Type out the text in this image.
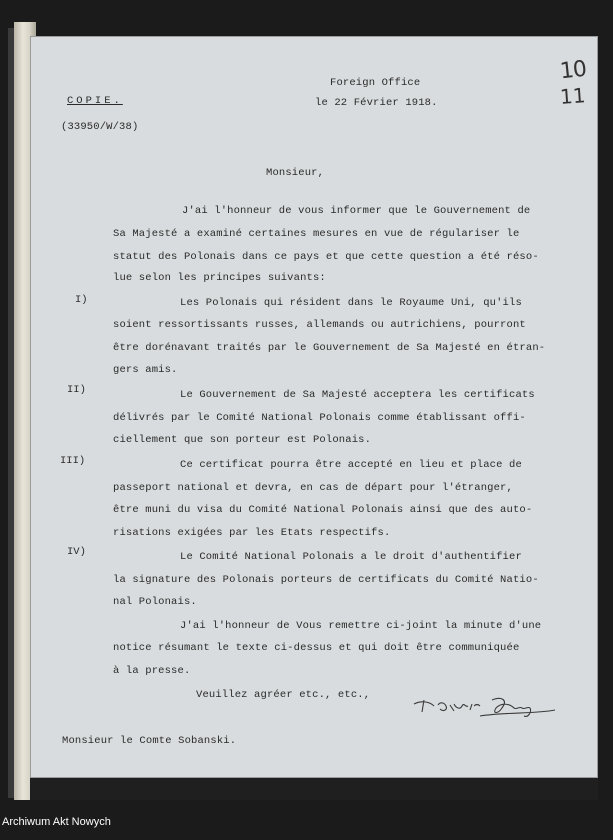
10
11
Foreign Office
le 22 Février 1918.
COPIE.
(33950/W/38)
Monsieur,
J'ai l'honneur de vous informer que le Gouvernement de
Sa Majesté a examiné certaines mesures en vue de régulariser le
statut des Polonais dans ce pays et que cette question a été réso-
lue selon les principes suivants:
I)	Les Polonais qui résident dans le Royaume Uni, qu'ils
soient ressortissants russes, allemands ou autrichiens, pourront
être dorénavant traités par le Gouvernement de Sa Majesté en étran-
gers amis.
II)	Le Gouvernement de Sa Majesté acceptera les certificats
délivrés par le Comité National Polonais comme établissant offi-
ciellement que son porteur est Polonais.
III)	Ce certificat pourra être accepté en lieu et place de
passeport national et devra, en cas de départ pour l'étranger,
être muni du visa du Comité National Polonais ainsi que des auto-
risations exigées par les Etats respectifs.
IV)	Le Comité National Polonais a le droit d'authentifier
la signature des Polonais porteurs de certificats du Comité Natio-
nal Polonais.
J'ai l'honneur de Vous remettre ci-joint la minute d'une
notice résumant le texte ci-dessus et qui doit être communiquée
à la presse.
Veuillez agréer etc., etc.,
Monsieur le Comte Sobanski.
Archiwum Akt Nowych
